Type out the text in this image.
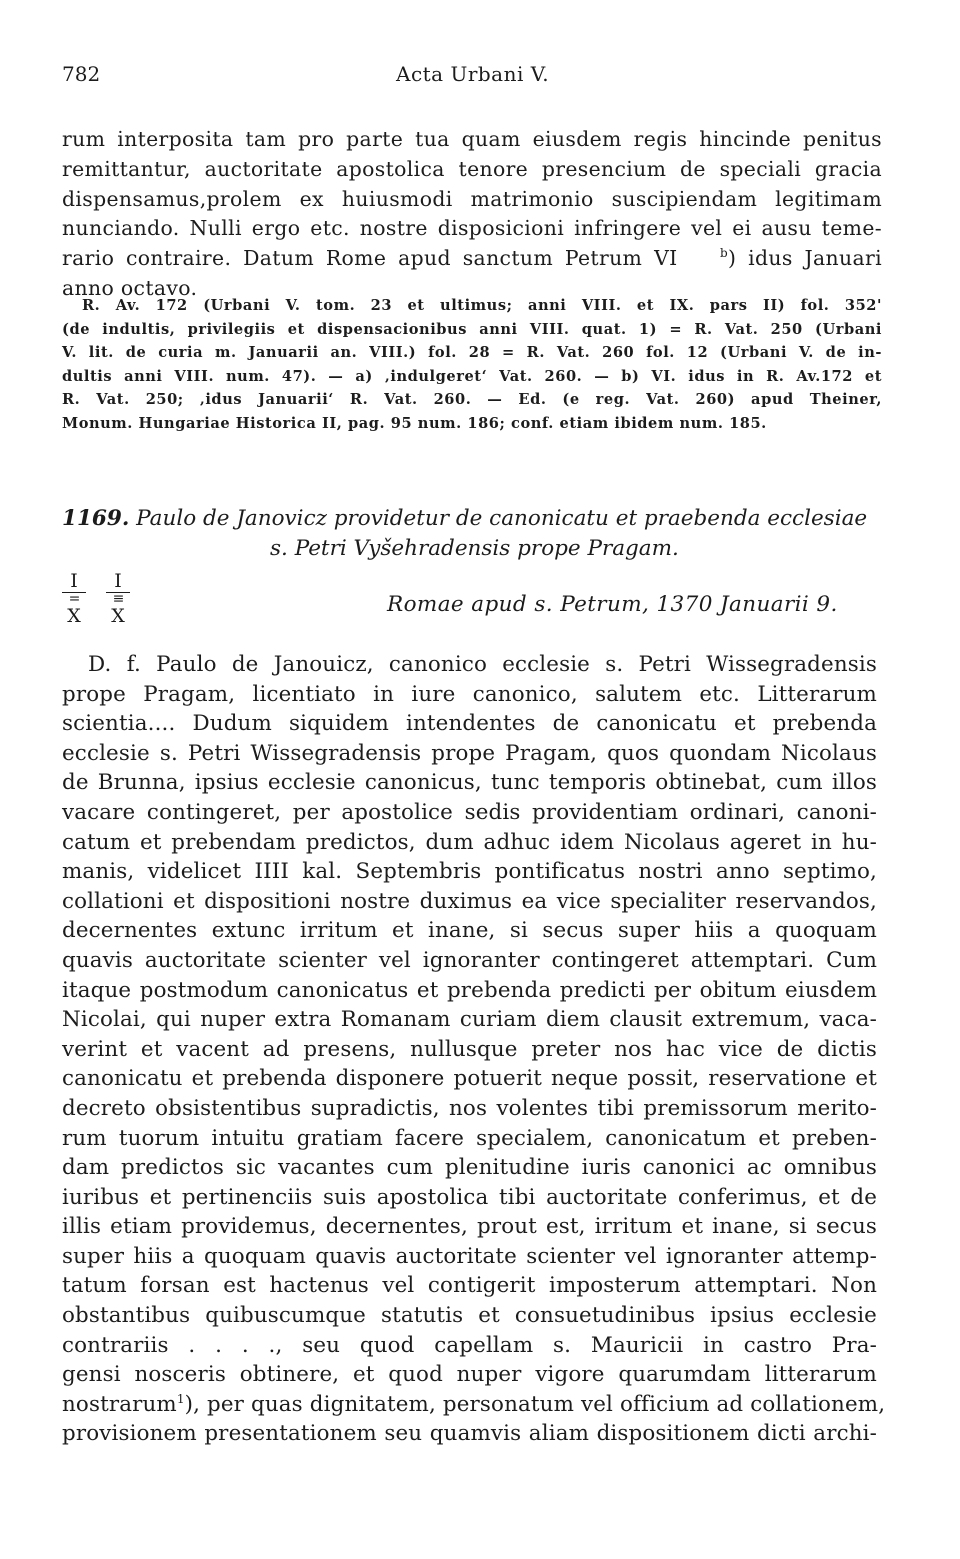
782	Acta Urbani V.
rum interposita tam pro parte tua quam eiusdem regis hincinde penitus
remittantur, auctoritate apostolica tenore presencium de speciali gracia
dispensamus,prolem ex huiusmodi matrimonio suscipiendam legitimam
nunciando. Nulli ergo etc. nostre disposicioni infringere vel ei ausu teme-
rario contraire. Datum Rome apud sanctum Petrum VI	$^b$) idus Januari
anno octavo.
R. Av. 172 (Urbani V. tom. 23 et ultimus; anni VIII. et IX. pars II) fol. 352'
(de indultis, privilegiis et dispensacionibus anni VIII. quat. 1) = R. Vat. 250 (Urbani
V. lit. de curia m. Januarii an. VIII.) fol. 28 = R. Vat. 260 fol. 12 (Urbani V. de in-
dultis anni VIII. num. 47). — a) ‚indulgeret‘ Vat. 260. — b) VI. idus in R. Av.172 et
R. Vat. 250; ‚idus Januarii‘ R. Vat. 260. — Ed. (e reg. Vat. 260) apud Theiner,
Monum. Hungariae Historica II, pag. 95 num. 186; conf. etiam ibidem num. 185.
1169. Paulo de Janovicz providetur de canonicatu et praebenda ecclesiae
s. Petri Vyšehradensis prope Pragam.
I
=
X
I
≡
X	Romae apud s. Petrum, 1370 Januarii 9.
D. f. Paulo de Janouicz, canonico ecclesie s. Petri Wissegradensis
prope Pragam, licentiato in iure canonico, salutem etc. Litterarum
scientia.... Dudum siquidem intendentes de canonicatu et prebenda
ecclesie s. Petri Wissegradensis prope Pragam, quos quondam Nicolaus
de Brunna, ipsius ecclesie canonicus, tunc temporis obtinebat, cum illos
vacare contingeret, per apostolice sedis providentiam ordinari, canoni-
catum et prebendam predictos, dum adhuc idem Nicolaus ageret in hu-
manis, videlicet IIII kal. Septembris pontificatus nostri anno septimo,
collationi et dispositioni nostre duximus ea vice specialiter reservandos,
decernentes extunc irritum et inane, si secus super hiis a quoquam
quavis auctoritate scienter vel ignoranter contingeret attemptari. Cum
itaque postmodum canonicatus et prebenda predicti per obitum eiusdem
Nicolai, qui nuper extra Romanam curiam diem clausit extremum, vaca-
verint et vacent ad presens, nullusque preter nos hac vice de dictis
canonicatu et prebenda disponere potuerit neque possit, reservatione et
decreto obsistentibus supradictis, nos volentes tibi premissorum merito-
rum tuorum intuitu gratiam facere specialem, canonicatum et preben-
dam predictos sic vacantes cum plenitudine iuris canonici ac omnibus
iuribus et pertinenciis suis apostolica tibi auctoritate conferimus, et de
illis etiam providemus, decernentes, prout est, irritum et inane, si secus
super hiis a quoquam quavis auctoritate scienter vel ignoranter attemp-
tatum forsan est hactenus vel contigerit imposterum attemptari. Non
obstantibus quibuscumque statutis et consuetudinibus ipsius ecclesie
contrariis . . . ., seu quod capellam s. Mauricii in castro Pra-
gensi nosceris obtinere, et quod nuper vigore quarumdam litterarum
nostrarum$^1$), per quas dignitatem, personatum vel officium ad collationem,
provisionem presentationem seu quamvis aliam dispositionem dicti archi-
